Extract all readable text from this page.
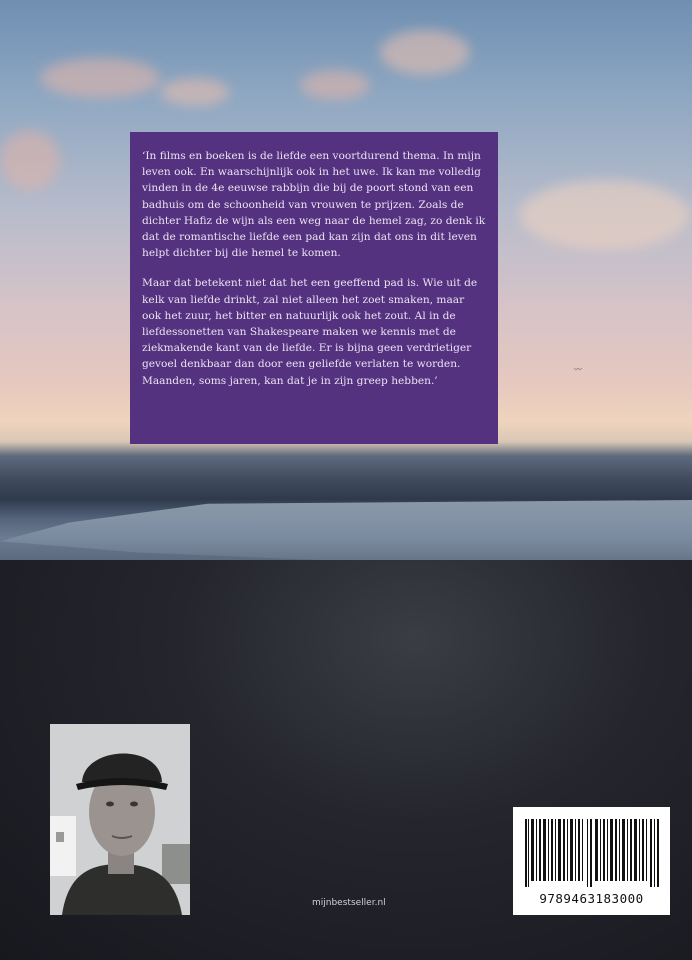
〰

‘In films en boeken is de liefde een voortdurend thema. In mijn leven ook. En waarschijnlijk ook in het uwe. Ik kan me volledig vinden in de 4e eeuwse rabbijn die bij de poort stond van een badhuis om de schoonheid van vrouwen te prijzen. Zoals de dichter Hafiz de wijn als een weg naar de hemel zag, zo denk ik dat de romantische liefde een pad kan zijn dat ons in dit leven helpt dichter bij die hemel te komen.

Maar dat betekent niet dat het een geeffend pad is. Wie uit de kelk van liefde drinkt, zal niet alleen het zoet smaken, maar ook het zuur, het bitter en natuurlijk ook het zout. Al in de liefdessonetten van Shakespeare maken we kennis met de ziekmakende kant van de liefde. Er is bijna geen verdrietiger gevoel denkbaar dan door een geliefde verlaten te worden. Maanden, soms jaren, kan dat je in zijn greep hebben.’

9789463183000
mijnbestseller.nl
